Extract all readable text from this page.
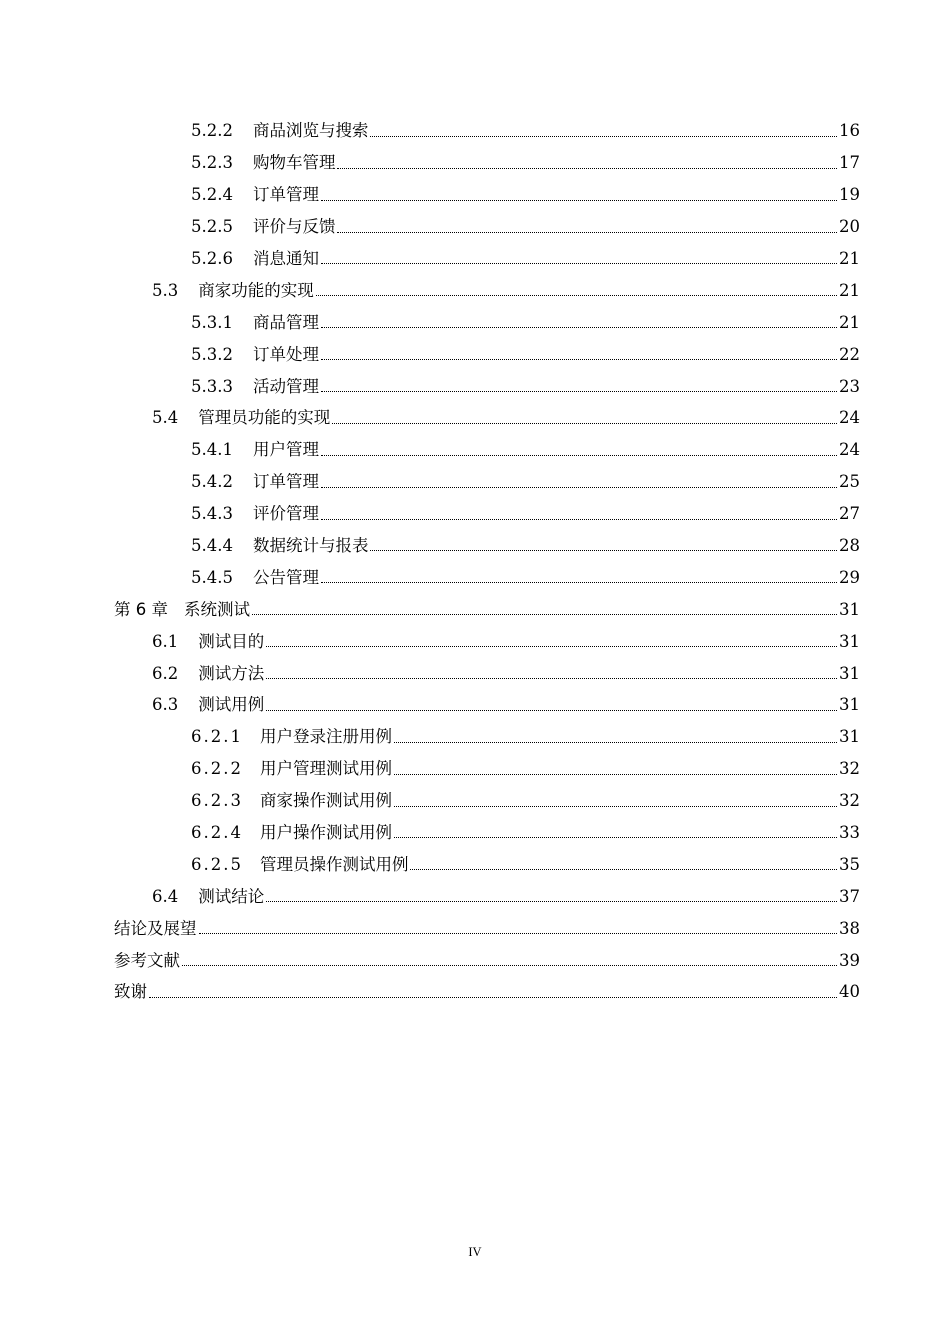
5.2.2 商品浏览与搜索	16
5.2.3 购物车管理	17
5.2.4 订单管理	19
5.2.5 评价与反馈	20
5.2.6 消息通知	21
5.3 商家功能的实现	21
5.3.1 商品管理	21
5.3.2 订单处理	22
5.3.3 活动管理	23
5.4 管理员功能的实现	24
5.4.1 用户管理	24
5.4.2 订单管理	25
5.4.3 评价管理	27
5.4.4 数据统计与报表	28
5.4.5 公告管理	29
第 6 章 系统测试	31
6.1 测试目的	31
6.2 测试方法	31
6.3 测试用例	31
6.2.1 用户登录注册用例	31
6.2.2 用户管理测试用例	32
6.2.3 商家操作测试用例	32
6.2.4 用户操作测试用例	33
6.2.5 管理员操作测试用例	35
6.4 测试结论	37
结论及展望	38
参考文献	39
致谢	40
IV
